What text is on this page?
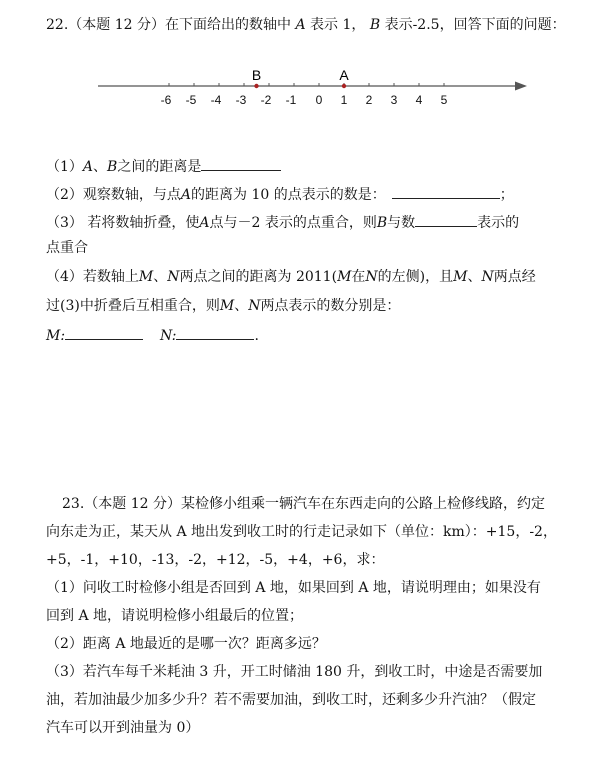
22.（本题 12 分）在下面给出的数轴中 A 表示 1， B 表示-2.5，回答下面的问题：
-6 -5 -4 -3 -2 -1 0 1 2 3 4 5
B	A
（1）A、B之间的距离是
（2）观察数轴，与点A的距离为 10 的点表示的数是：	；
（3） 若将数轴折叠，使A点与－2 表示的点重合，则B与数	表示的
点重合
（4）若数轴上M、N两点之间的距离为 2011(M在N的左侧)，且M、N两点经
过(3)中折叠后互相重合，则M、N两点表示的数分别是：
M:	N:	.
23.（本题 12 分）某检修小组乘一辆汽车在东西走向的公路上检修线路，约定
向东走为正，某天从 A 地出发到收工时的行走记录如下（单位：km）：+15，-2，
+5，-1，+10，-13，-2，+12，-5，+4，+6，求：
（1）问收工时检修小组是否回到 A 地，如果回到 A 地，请说明理由；如果没有
回到 A 地，请说明检修小组最后的位置；
（2）距离 A 地最近的是哪一次？距离多远？
（3）若汽车每千米耗油 3 升，开工时储油 180 升，到收工时，中途是否需要加
油，若加油最少加多少升？若不需要加油，到收工时，还剩多少升汽油？（假定
汽车可以开到油量为 0）
